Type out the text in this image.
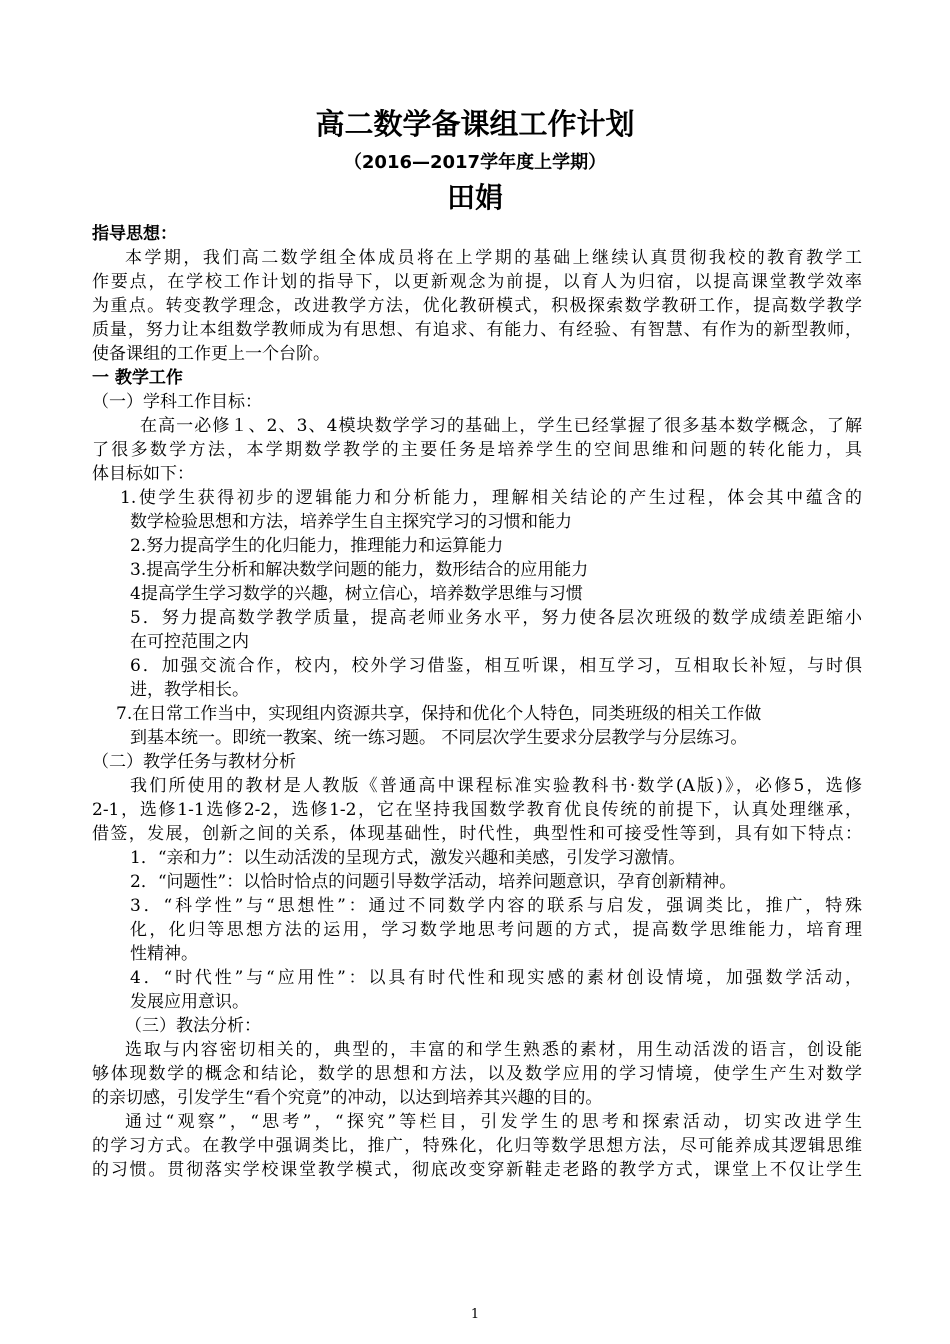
高二数学备课组工作计划
（2016—2017学年度上学期）
田娟
指导思想：
本学期，我们高二数学组全体成员将在上学期的基础上继续认真贯彻我校的教育教学工
作要点，在学校工作计划的指导下，以更新观念为前提，以育人为归宿，以提高课堂教学效率
为重点。转变教学理念，改进教学方法，优化教研模式，积极探索数学教研工作，提高数学教学
质量，努力让本组数学教师成为有思想、有追求、有能力、有经验、有智慧、有作为的新型教师，
使备课组的工作更上一个台阶。
一 教学工作
（一）学科工作目标：
在高一必修１、2、3、4模块数学学习的基础上，学生已经掌握了很多基本数学概念，了解
了很多数学方法，本学期数学教学的主要任务是培养学生的空间思维和问题的转化能力，具
体目标如下：
1.使学生获得初步的逻辑能力和分析能力，理解相关结论的产生过程，体会其中蕴含的
数学检验思想和方法，培养学生自主探究学习的习惯和能力
2.努力提高学生的化归能力，推理能力和运算能力
3.提高学生分析和解决数学问题的能力，数形结合的应用能力
4提高学生学习数学的兴趣，树立信心，培养数学思维与习惯
5．努力提高数学教学质量，提高老师业务水平，努力使各层次班级的数学成绩差距缩小
在可控范围之内
6．加强交流合作，校内，校外学习借鉴，相互听课，相互学习，互相取长补短，与时俱
进，教学相长。
7.在日常工作当中，实现组内资源共享，保持和优化个人特色，同类班级的相关工作做
到基本统一。即统一教案、统一练习题。 不同层次学生要求分层教学与分层练习。
（二）教学任务与教材分析
我们所使用的教材是人教版《普通高中课程标准实验教科书·数学(A版)》，必修5，选修
2-1，选修1-1选修2-2，选修1-2，它在坚持我国数学教育优良传统的前提下，认真处理继承，
借签，发展，创新之间的关系，体现基础性，时代性，典型性和可接受性等到，具有如下特点：
1．“亲和力”：以生动活泼的呈现方式，激发兴趣和美感，引发学习激情。
2．“问题性”：以恰时恰点的问题引导数学活动，培养问题意识，孕育创新精神。
3．“科学性”与“思想性”：通过不同数学内容的联系与启发，强调类比，推广，特殊
化，化归等思想方法的运用，学习数学地思考问题的方式，提高数学思维能力，培育理
性精神。
4．“时代性”与“应用性”：以具有时代性和现实感的素材创设情境，加强数学活动，
发展应用意识。
（三）教法分析：
选取与内容密切相关的，典型的，丰富的和学生熟悉的素材，用生动活泼的语言，创设能
够体现数学的概念和结论，数学的思想和方法，以及数学应用的学习情境，使学生产生对数学
的亲切感，引发学生“看个究竟”的冲动，以达到培养其兴趣的目的。
通过“观察”，“思考”，“探究”等栏目，引发学生的思考和探索活动，切实改进学生
的学习方式。在教学中强调类比，推广，特殊化，化归等数学思想方法，尽可能养成其逻辑思维
的习惯。贯彻落实学校课堂教学模式，彻底改变穿新鞋走老路的教学方式，课堂上不仅让学生
1
